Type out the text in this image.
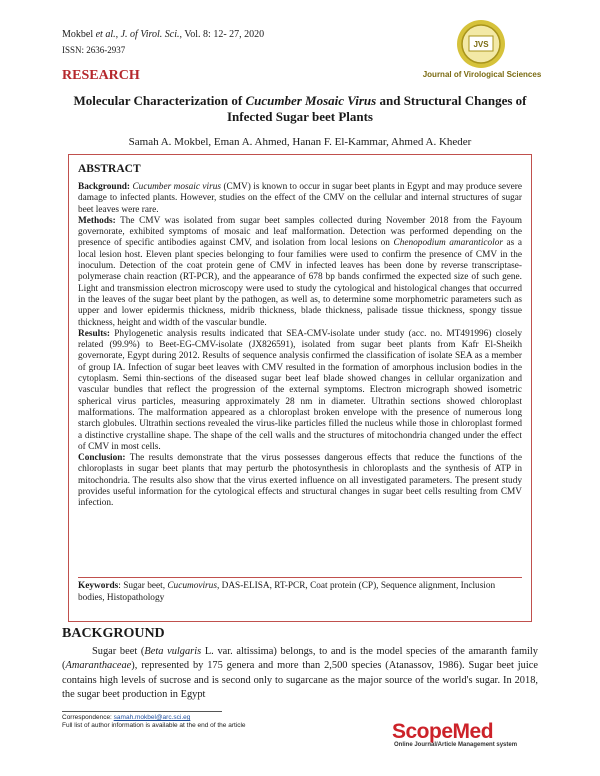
Mokbel et al., J. of Virol. Sci., Vol. 8: 12- 27, 2020
ISSN: 2636-2937
JVS
Journal of Virological Sciences
RESEARCH
Molecular Characterization of Cucumber Mosaic Virus and Structural Changes of Infected Sugar beet Plants
Samah A. Mokbel, Eman A. Ahmed, Hanan F. El-Kammar, Ahmed A. Kheder
ABSTRACT

Background: Cucumber mosaic virus (CMV) is known to occur in sugar beet plants in Egypt and may produce severe damage to infected plants. However, studies on the effect of the CMV on the cellular and internal structures of sugar beet leaves were rare.

Methods: The CMV was isolated from sugar beet samples collected during November 2018 from the Fayoum governorate, exhibited symptoms of mosaic and leaf malformation. Detection was performed depending on the presence of specific antibodies against CMV, and isolation from local lesions on Chenopodium amaranticolor as a local lesion host. Eleven plant species belonging to four families were used to confirm the presence of CMV in the inoculum. Detection of the coat protein gene of CMV in infected leaves has been done by reverse transcriptase-polymerase chain reaction (RT-PCR), and the appearance of 678 bp bands confirmed the expected size of such gene. Light and transmission electron microscopy were used to study the cytological and histological changes that occurred in the leaves of the sugar beet plant by the pathogen, as well as, to determine some morphometric parameters such as upper and lower epidermis thickness, midrib thickness, blade thickness, palisade tissue thickness, spongy tissue thickness, height and width of the vascular bundle.

Results: Phylogenetic analysis results indicated that SEA-CMV-isolate under study (acc. no. MT491996) closely related (99.9%) to Beet-EG-CMV-isolate (JX826591), isolated from sugar beet plants from Kafr El-Sheikh governorate, Egypt during 2012. Results of sequence analysis confirmed the classification of isolate SEA as a member of group IA. Infection of sugar beet leaves with CMV resulted in the formation of amorphous inclusion bodies in the cytoplasm. Semi thin-sections of the diseased sugar beet leaf blade showed changes in cellular organization and vascular bundles that reflect the progression of the external symptoms. Electron micrograph showed isometric spherical virus particles, measuring approximately 28 nm in diameter. Ultrathin sections showed chloroplast malformations. The malformation appeared as a chloroplast broken envelope with the presence of numerous long starch globules. Ultrathin sections revealed the virus-like particles filled the nucleus while those in chloroplast formed a distinctive crystalline shape. The shape of the cell walls and the structures of mitochondria changed under the effect of CMV in most cells.

Conclusion: The results demonstrate that the virus possesses dangerous effects that reduce the functions of the chloroplasts in sugar beet plants that may perturb the photosynthesis in chloroplasts and the synthesis of ATP in mitochondria. The results also show that the virus exerted influence on all investigated parameters. The present study provides useful information for the cytological effects and structural changes in sugar beet cells resulting from CMV infection.

Keywords: Sugar beet, Cucumovirus, DAS-ELISA, RT-PCR, Coat protein (CP), Sequence alignment, Inclusion bodies, Histopathology
BACKGROUND

Sugar beet (Beta vulgaris L. var. altissima) belongs, to and is the model species of the amaranth family (Amaranthaceae), represented by 175 genera and more than 2,500 species (Atanassov, 1986). Sugar beet juice contains high levels of sucrose and is second only to sugarcane as the major source of the world's sugar. In 2018, the sugar beet production in Egypt

Correspondence: samah.mokbel@arc.sci.eg
Full list of author information is available at the end of the article	ScopeMed
Online Journal/Article Management system
